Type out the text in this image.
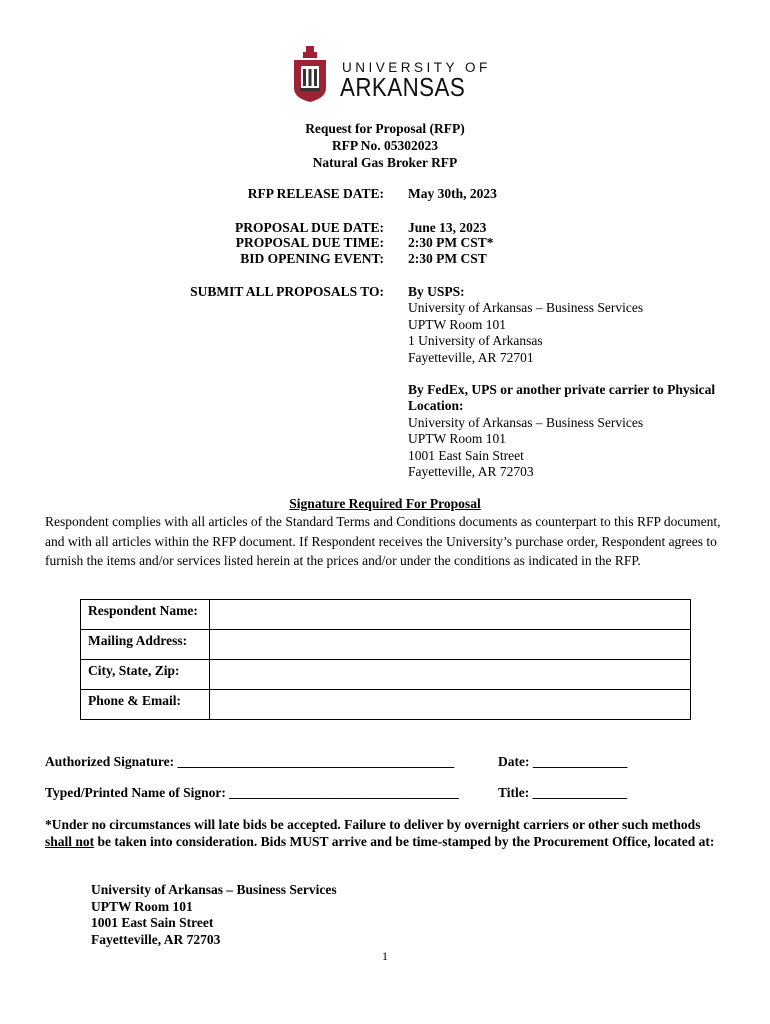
UNIVERSITY OF
ARKANSAS
Request for Proposal (RFP)
RFP No. 05302023
Natural Gas Broker RFP
RFP RELEASE DATE: May 30th, 2023
PROPOSAL DUE DATE: June 13, 2023
PROPOSAL DUE TIME: 2:30 PM CST*
BID OPENING EVENT: 2:30 PM CST
SUBMIT ALL PROPOSALS TO: By USPS:
University of Arkansas – Business Services
UPTW Room 101
1 University of Arkansas
Fayetteville, AR 72701
By FedEx, UPS or another private carrier to Physical
Location:
University of Arkansas – Business Services
UPTW Room 101
1001 East Sain Street
Fayetteville, AR 72703
Signature Required For Proposal
Respondent complies with all articles of the Standard Terms and Conditions documents as counterpart to this RFP document, and with all articles within the RFP document. If Respondent receives the University’s purchase order, Respondent agrees to furnish the items and/or services listed herein at the prices and/or under the conditions as indicated in the RFP.
Respondent Name:	
Mailing Address:	
City, State, Zip:	
Phone & Email:	
Authorized Signature: _________________________________________	Date: ______________
Typed/Printed Name of Signor: __________________________________	Title: ______________
*Under no circumstances will late bids be accepted. Failure to deliver by overnight carriers or other such methods shall not be taken into consideration. Bids MUST arrive and be time-stamped by the Procurement Office, located at:
University of Arkansas – Business Services
UPTW Room 101
1001 East Sain Street
Fayetteville, AR 72703
1
